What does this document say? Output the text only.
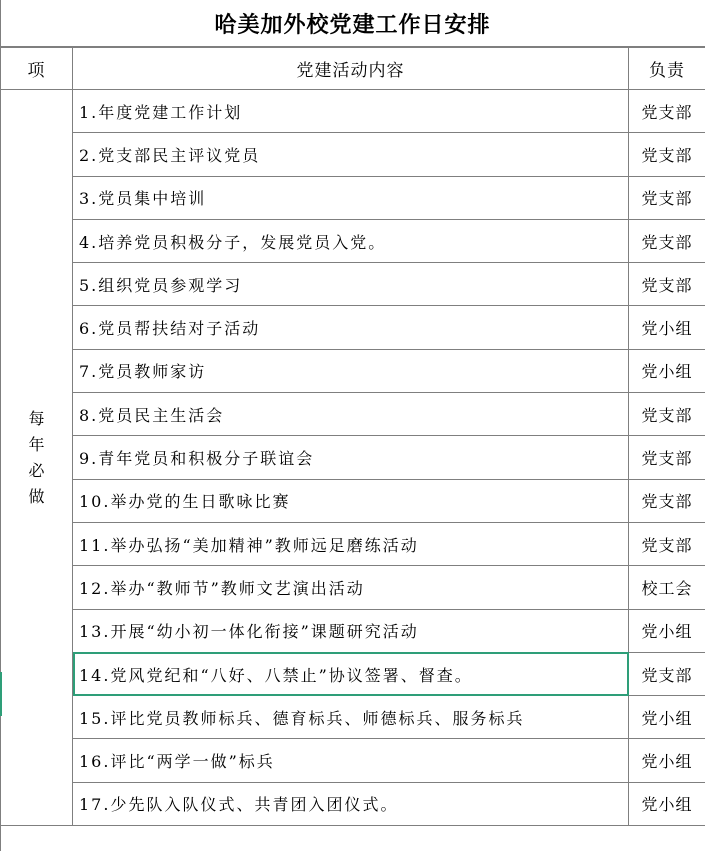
哈美加外校党建工作日安排
项	党建活动内容	负责
每年必做	1.年度党建工作计划	党支部
	2.党支部民主评议党员	党支部
	3.党员集中培训	党支部
	4.培养党员积极分子，发展党员入党。	党支部
	5.组织党员参观学习	党支部
	6.党员帮扶结对子活动	党小组
	7.党员教师家访	党小组
	8.党员民主生活会	党支部
	9.青年党员和积极分子联谊会	党支部
	10.举办党的生日歌咏比赛	党支部
	11.举办弘扬“美加精神”教师远足磨练活动	党支部
	12.举办“教师节”教师文艺演出活动	校工会
	13.开展“幼小初一体化衔接”课题研究活动	党小组
	14.党风党纪和“八好、八禁止”协议签署、督查。	党支部
	15.评比党员教师标兵、德育标兵、师德标兵、服务标兵	党小组
	16.评比“两学一做”标兵	党小组
	17.少先队入队仪式、共青团入团仪式。	党小组
